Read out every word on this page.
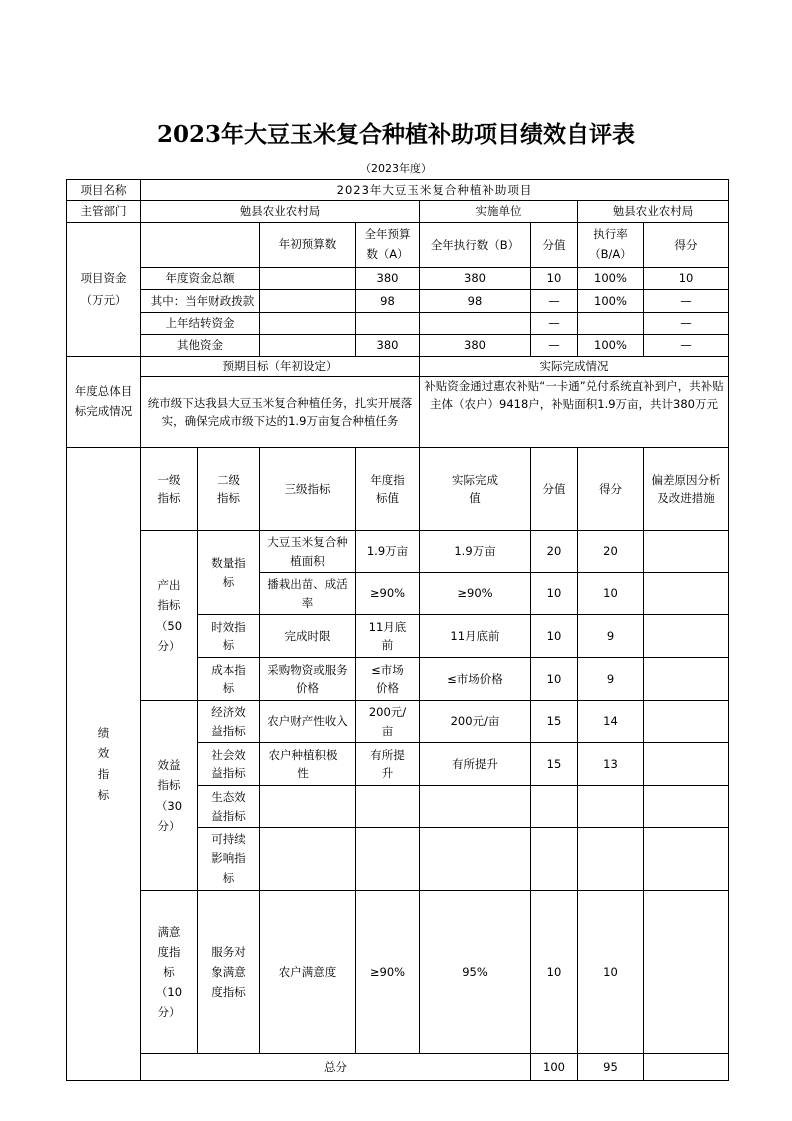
2023年大豆玉米复合种植补助项目绩效自评表
（2023年度）
项目名称	2023年大豆玉米复合种植补助项目							
主管部门	勉县农业农村局				实施单位		勉县农业农村局	
项目资金（万元）			年初预算数	全年预算数（A）	全年执行数（B）	分值	执行率（B/A）	得分
	年度资金总额			380	380	10	100%	10
	其中：当年财政拨款			98	98	—	100%	—
	上年结转资金					—		—
	其他资金			380	380	—	100%	—
年度总体目标完成情况	预期目标（年初设定）				实际完成情况			
	统市级下达我县大豆玉米复合种植任务，扎实开展落实，确保完成市级下达的1.9万亩复合种植任务				补贴资金通过惠农补贴“一卡通”兑付系统直补到户，共补贴主体（农户）9418户，补贴面积1.9万亩，共计380万元			
绩效指标	一级指标	二级指标	三级指标	年度指标值	实际完成值	分值	得分	偏差原因分析及改进措施
	产出指标（50分）	数量指标	大豆玉米复合种植面积	1.9万亩	1.9万亩	20	20	
			播栽出苗、成活率	≥90%	≥90%	10	10	
		时效指标	完成时限	11月底前	11月底前	10	9	
		成本指标	采购物资或服务价格	≤市场价格	≤市场价格	10	9	
	效益指标（30分）	经济效益指标	农户财产性收入	200元/亩	200元/亩	15	14	
		社会效益指标	农户种植积极性	有所提升	有所提升	15	13	
		生态效益指标						
		可持续影响指标						
	满意度指标（10分）	服务对象满意度指标	农户满意度	≥90%	95%	10	10	
	总分					100	95	
